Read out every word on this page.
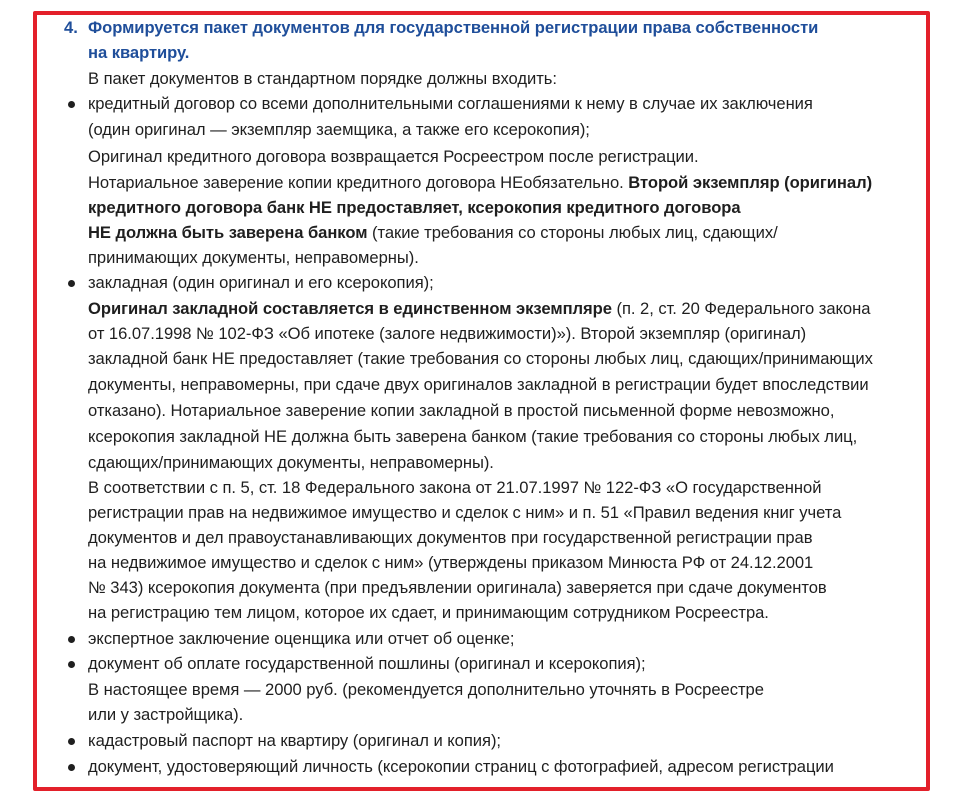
4. Формируется пакет документов для государственной регистрации права собственности
на квартиру.
В пакет документов в стандартном порядке должны входить:
кредитный договор со всеми дополнительными соглашениями к нему в случае их заключения
(один оригинал — экземпляр заемщика, а также его ксерокопия);
Оригинал кредитного договора возвращается Росреестром после регистрации.
Нотариальное заверение копии кредитного договора НЕобязательно. Второй экземпляр (оригинал)
кредитного договора банк НЕ предоставляет, ксерокопия кредитного договора
НЕ должна быть заверена банком (такие требования со стороны любых лиц, сдающих/
принимающих документы, неправомерны).
закладная (один оригинал и его ксерокопия);
Оригинал закладной составляется в единственном экземпляре (п. 2, ст. 20 Федерального закона
от 16.07.1998 № 102-ФЗ «Об ипотеке (залоге недвижимости)»). Второй экземпляр (оригинал)
закладной банк НЕ предоставляет (такие требования со стороны любых лиц, сдающих/принимающих
документы, неправомерны, при сдаче двух оригиналов закладной в регистрации будет впоследствии
отказано). Нотариальное заверение копии закладной в простой письменной форме невозможно,
ксерокопия закладной НЕ должна быть заверена банком (такие требования со стороны любых лиц,
сдающих/принимающих документы, неправомерны).
В соответствии с п. 5, ст. 18 Федерального закона от 21.07.1997 № 122-ФЗ «О государственной
регистрации прав на недвижимое имущество и сделок с ним» и п. 51 «Правил ведения книг учета
документов и дел правоустанавливающих документов при государственной регистрации прав
на недвижимое имущество и сделок с ним» (утверждены приказом Минюста РФ от 24.12.2001
№ 343) ксерокопия документа (при предъявлении оригинала) заверяется при сдаче документов
на регистрацию тем лицом, которое их сдает, и принимающим сотрудником Росреестра.
экспертное заключение оценщика или отчет об оценке;
документ об оплате государственной пошлины (оригинал и ксерокопия);
В настоящее время — 2000 руб. (рекомендуется дополнительно уточнять в Росреестре
или у застройщика).
кадастровый паспорт на квартиру (оригинал и копия);
документ, удостоверяющий личность (ксерокопии страниц с фотографией, адресом регистрации
